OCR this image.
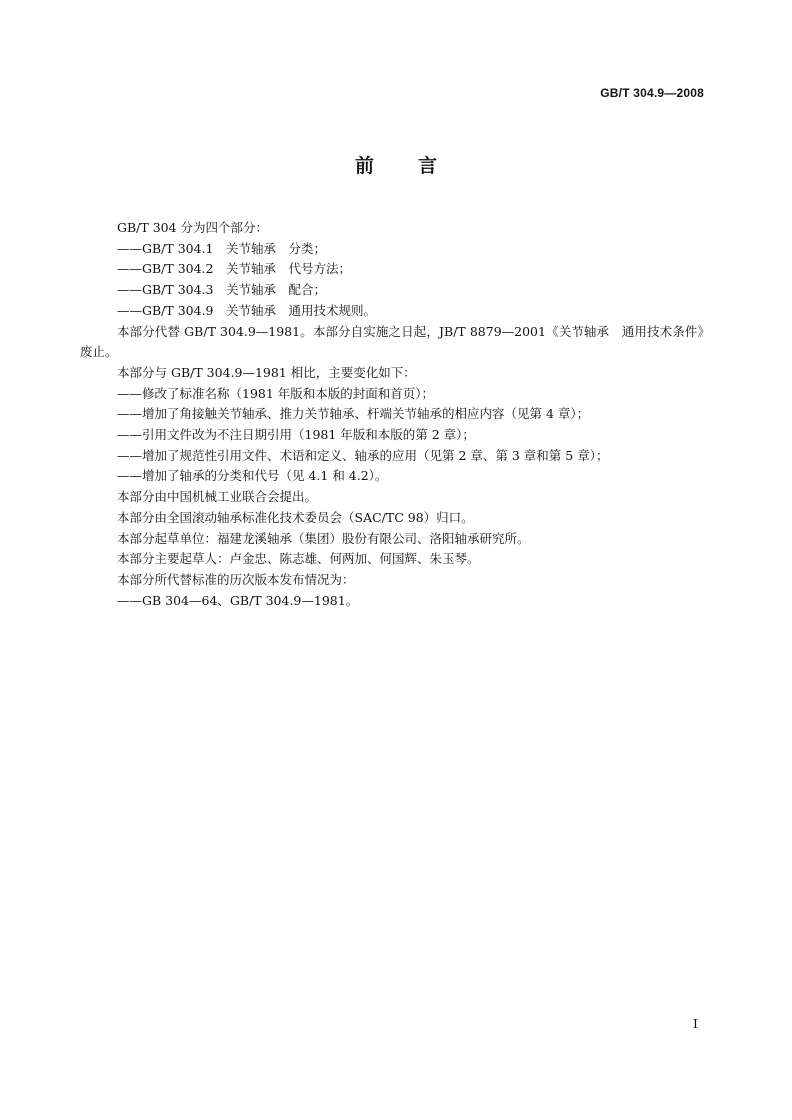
GB/T 304.9—2008
前言

GB/T 304 分为四个部分：

——GB/T 304.1　关节轴承　分类；

——GB/T 304.2　关节轴承　代号方法；

——GB/T 304.3　关节轴承　配合；

——GB/T 304.9　关节轴承　通用技术规则。

本部分代替 GB/T 304.9—1981。本部分自实施之日起，JB/T 8879—2001《关节轴承　通用技术条件》废止。

本部分与 GB/T 304.9—1981 相比，主要变化如下：

——修改了标准名称（1981 年版和本版的封面和首页）；

——增加了角接触关节轴承、推力关节轴承、杆端关节轴承的相应内容（见第 4 章）；

——引用文件改为不注日期引用（1981 年版和本版的第 2 章）；

——增加了规范性引用文件、术语和定义、轴承的应用（见第 2 章、第 3 章和第 5 章）；

——增加了轴承的分类和代号（见 4.1 和 4.2）。

本部分由中国机械工业联合会提出。

本部分由全国滚动轴承标准化技术委员会（SAC/TC 98）归口。

本部分起草单位：福建龙溪轴承（集团）股份有限公司、洛阳轴承研究所。

本部分主要起草人：卢金忠、陈志雄、何两加、何国辉、朱玉琴。

本部分所代替标准的历次版本发布情况为：

——GB 304—64、GB/T 304.9—1981。

I
